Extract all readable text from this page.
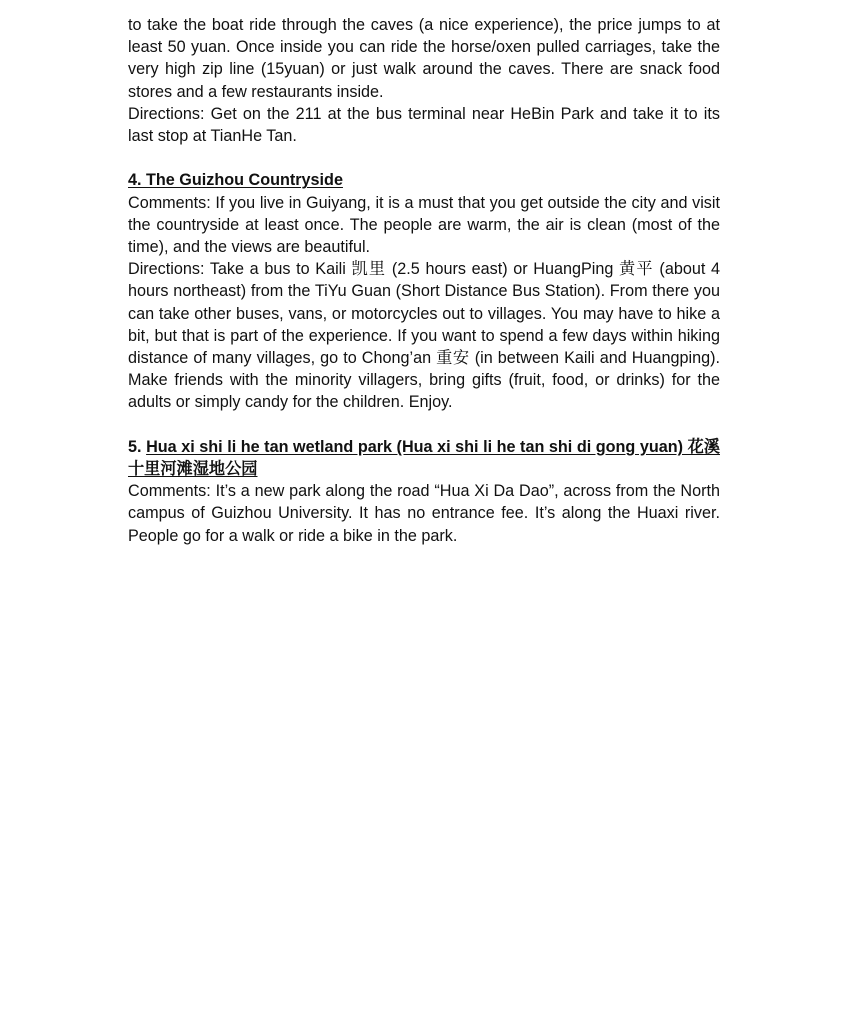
to take the boat ride through the caves (a nice experience), the price jumps to at least 50 yuan. Once inside you can ride the horse/oxen pulled carriages, take the very high zip line (15yuan) or just walk around the caves. There are snack food stores and a few restaurants inside.

Directions: Get on the 211 at the bus terminal near HeBin Park and take it to its last stop at TianHe Tan.

4. The Guizhou Countryside

Comments: If you live in Guiyang, it is a must that you get outside the city and visit the countryside at least once. The people are warm, the air is clean (most of the time), and the views are beautiful.

Directions: Take a bus to Kaili 凯里 (2.5 hours east) or HuangPing 黄平 (about 4 hours northeast) from the TiYu Guan (Short Distance Bus Station). From there you can take other buses, vans, or motorcycles out to villages. You may have to hike a bit, but that is part of the experience. If you want to spend a few days within hiking distance of many villages, go to Chong’an 重安 (in between Kaili and Huangping). Make friends with the minority villagers, bring gifts (fruit, food, or drinks) for the adults or simply candy for the children. Enjoy.

5. Hua xi shi li he tan wetland park (Hua xi shi li he tan shi di gong yuan) 花溪十里河滩湿地公园

Comments: It’s a new park along the road “Hua Xi Da Dao”, across from the North campus of Guizhou University. It has no entrance fee. It’s along the Huaxi river. People go for a walk or ride a bike in the park.
